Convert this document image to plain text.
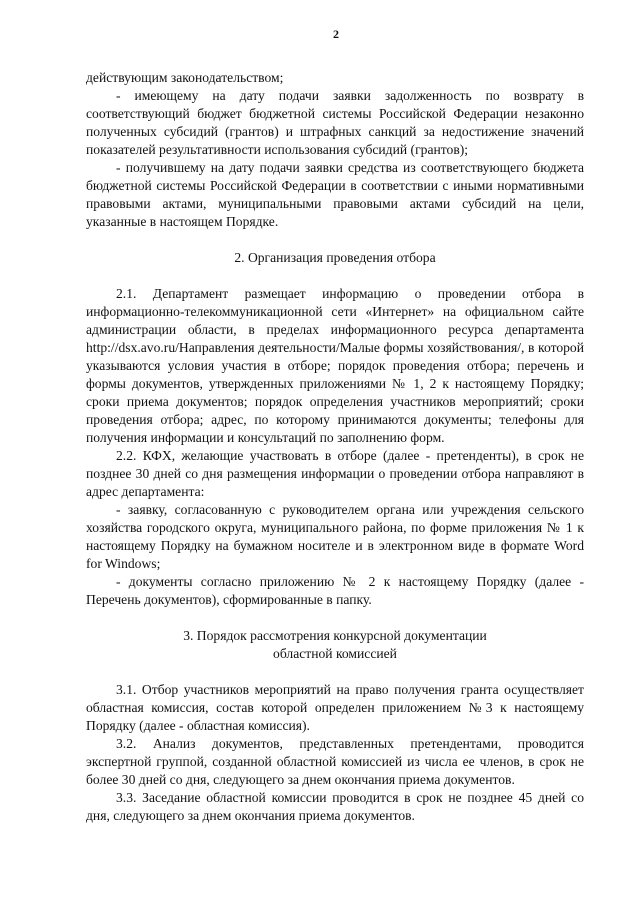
2

действующим законодательством;

- имеющему на дату подачи заявки задолженность по возврату в соответствующий бюджет бюджетной системы Российской Федерации незаконно полученных субсидий (грантов) и штрафных санкций за недостижение значений показателей результативности использования субсидий (грантов);

- получившему на дату подачи заявки средства из соответствующего бюджета бюджетной системы Российской Федерации в соответствии с иными нормативными правовыми актами, муниципальными правовыми актами субсидий на цели, указанные в настоящем Порядке.

2. Организация проведения отбора

2.1. Департамент размещает информацию о проведении отбора в информационно-телекоммуникационной сети «Интернет» на официальном сайте администрации области, в пределах информационного ресурса департамента http://dsx.avo.ru/Направления деятельности/Малые формы хозяйствования/, в которой указываются условия участия в отборе; порядок проведения отбора; перечень и формы документов, утвержденных приложениями № 1, 2 к настоящему Порядку; сроки приема документов; порядок определения участников мероприятий; сроки проведения отбора; адрес, по которому принимаются документы; телефоны для получения информации и консультаций по заполнению форм.

2.2. КФХ, желающие участвовать в отборе (далее - претенденты), в срок не позднее 30 дней со дня размещения информации о проведении отбора направляют в адрес департамента:

- заявку, согласованную с руководителем органа или учреждения сельского хозяйства городского округа, муниципального района, по форме приложения № 1 к настоящему Порядку на бумажном носителе и в электронном виде в формате Word for Windows;

- документы согласно приложению № 2 к настоящему Порядку (далее - Перечень документов), сформированные в папку.

3. Порядок рассмотрения конкурсной документации
областной комиссией

3.1. Отбор участников мероприятий на право получения гранта осуществляет областная комиссия, состав которой определен приложением №3 к настоящему Порядку (далее - областная комиссия).

3.2. Анализ документов, представленных претендентами, проводится экспертной группой, созданной областной комиссией из числа ее членов, в срок не более 30 дней со дня, следующего за днем окончания приема документов.

3.3. Заседание областной комиссии проводится в срок не позднее 45 дней со дня, следующего за днем окончания приема документов.
